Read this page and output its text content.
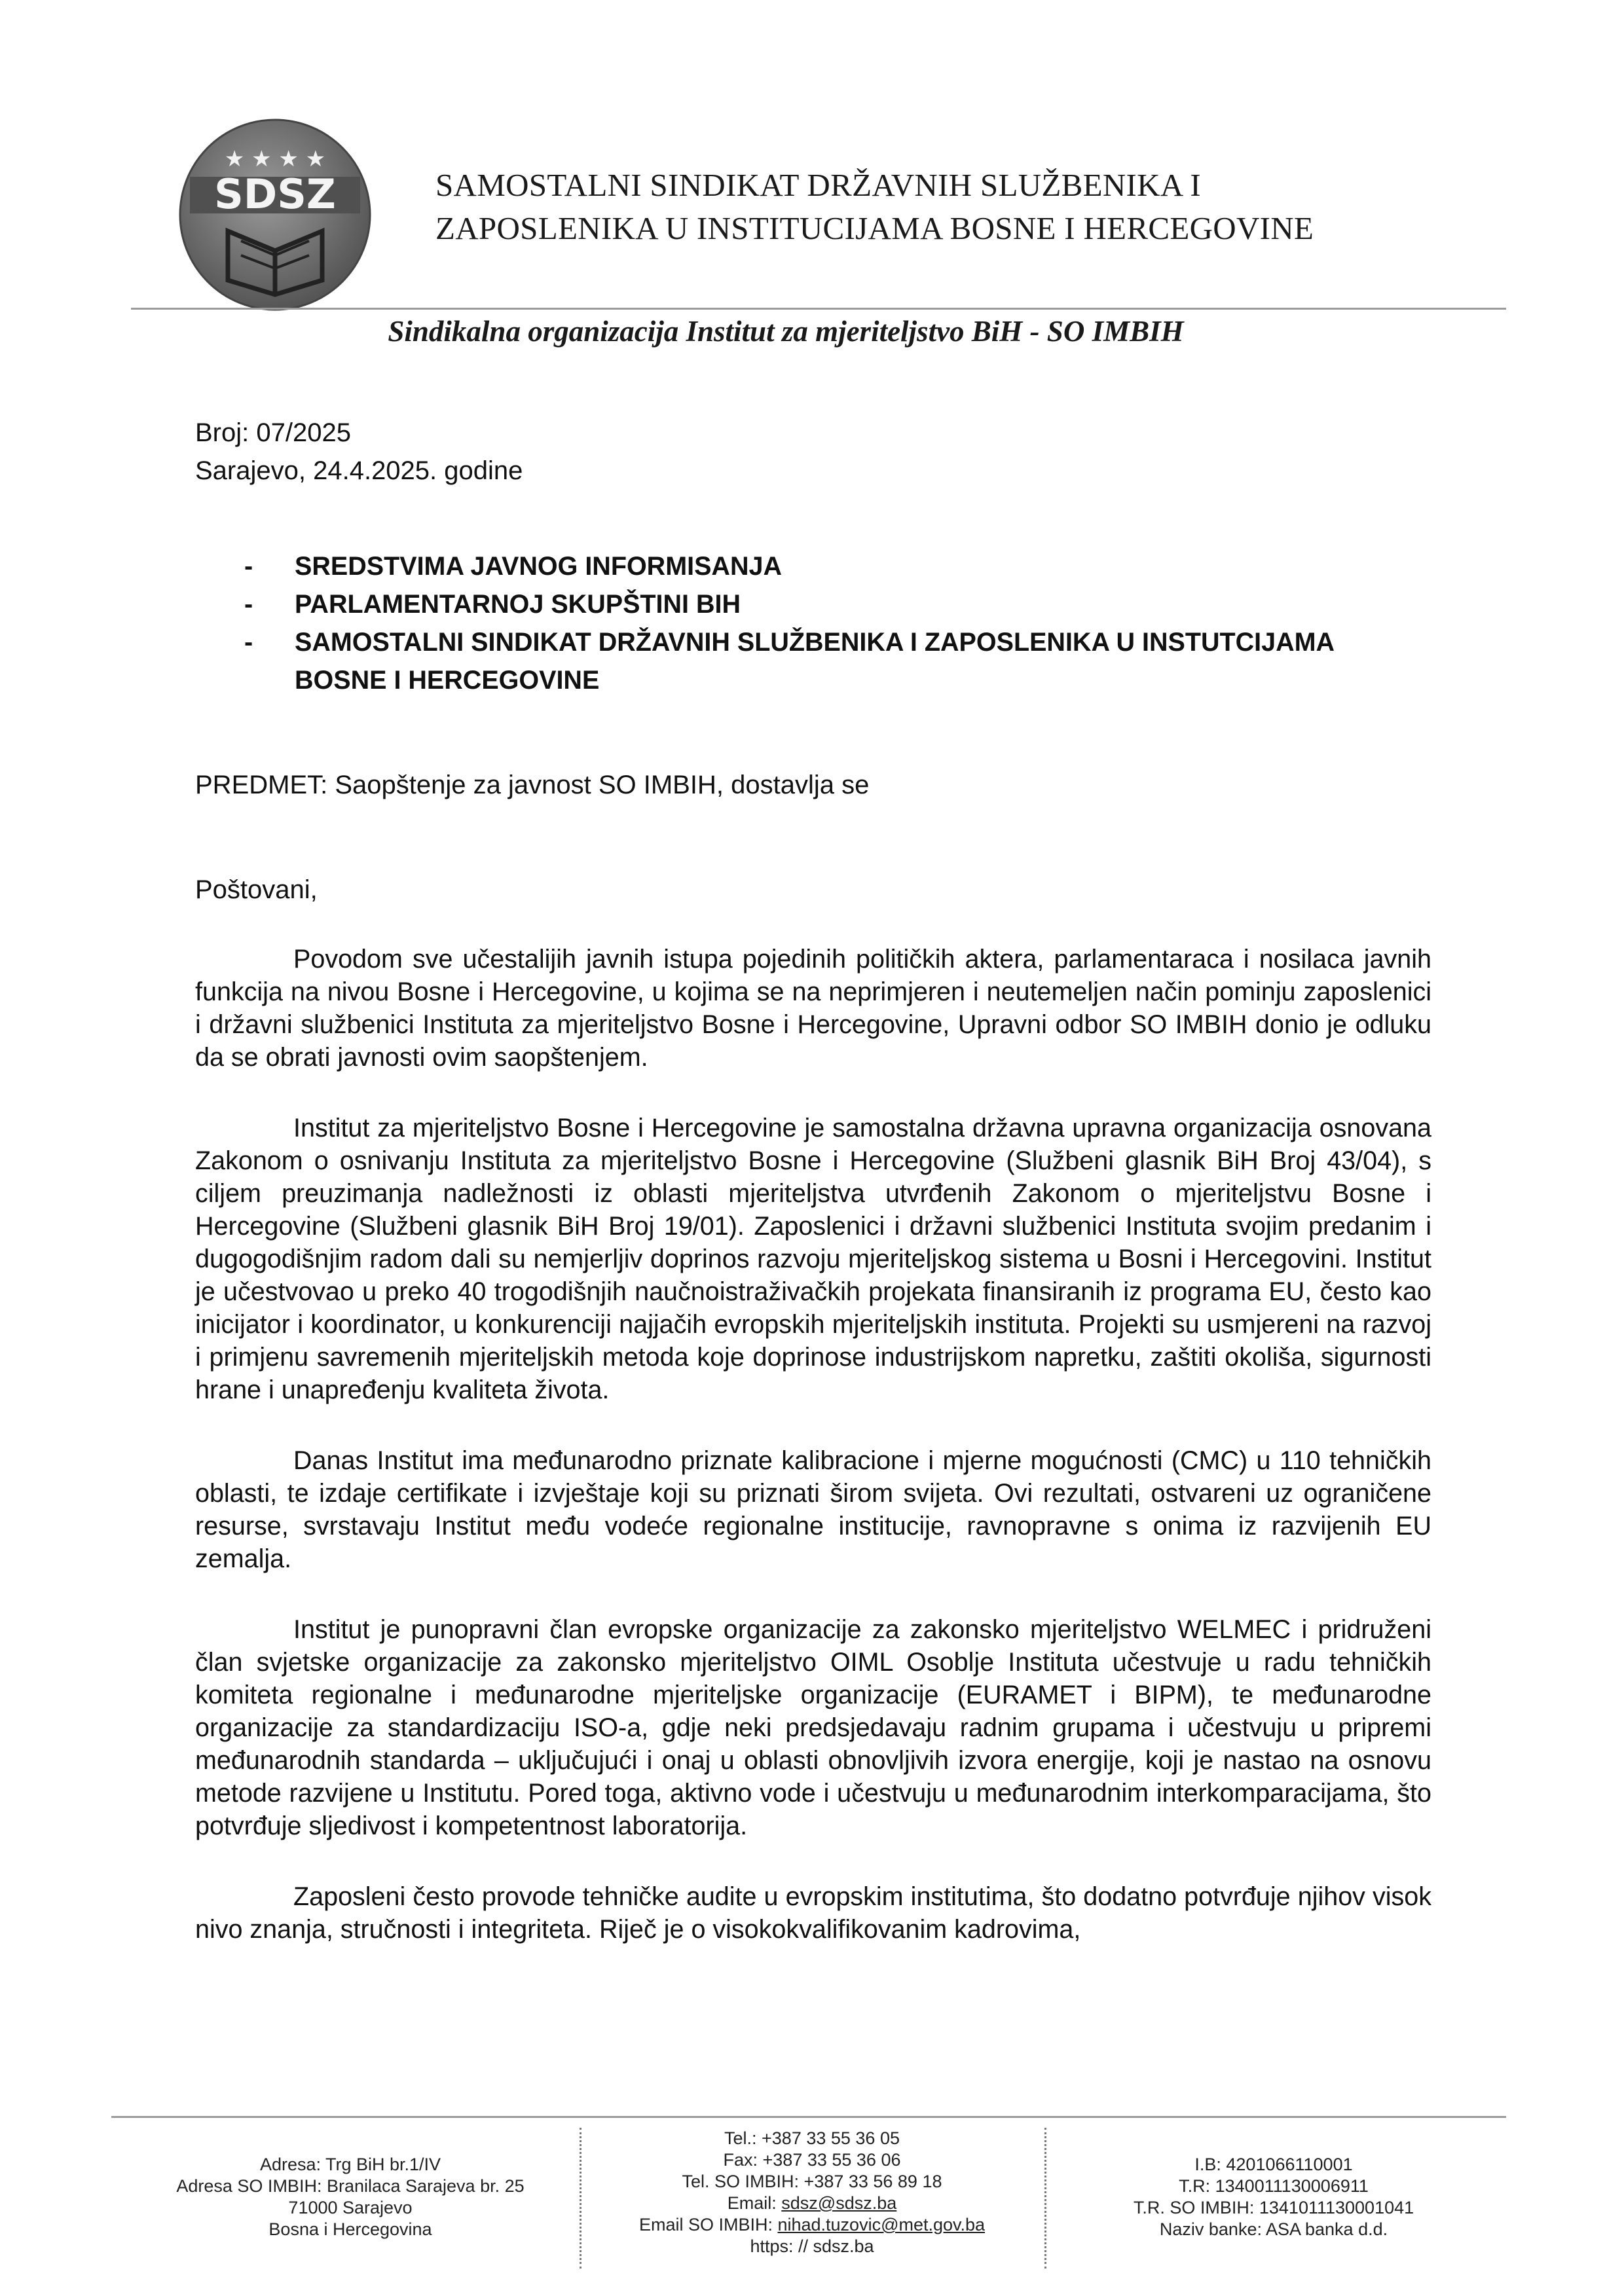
★ ★ ★ ★
SDSZ	SAMOSTALNI SINDIKAT DRŽAVNIH SLUŽBENIKA I
ZAPOSLENIKA U INSTITUCIJAMA BOSNE I HERCEGOVINE
Sindikalna organizacija Institut za mjeriteljstvo BiH - SO IMBIH
Broj: 07/2025
Sarajevo, 24.4.2025. godine
-	SREDSTVIMA JAVNOG INFORMISANJA
-	PARLAMENTARNOJ SKUPŠTINI BIH
-	SAMOSTALNI SINDIKAT DRŽAVNIH SLUŽBENIKA I ZAPOSLENIKA U INSTUTCIJAMA BOSNE I HERCEGOVINE
PREDMET: Saopštenje za javnost SO IMBIH, dostavlja se
Poštovani,

Povodom sve učestalijih javnih istupa pojedinih političkih aktera, parlamentaraca i nosilaca javnih funkcija na nivou Bosne i Hercegovine, u kojima se na neprimjeren i neutemeljen način pominju zaposlenici i državni službenici Instituta za mjeriteljstvo Bosne i Hercegovine, Upravni odbor SO IMBIH donio je odluku da se obrati javnosti ovim saopštenjem.

Institut za mjeriteljstvo Bosne i Hercegovine je samostalna državna upravna organizacija osnovana Zakonom o osnivanju Instituta za mjeriteljstvo Bosne i Hercegovine (Službeni glasnik BiH Broj 43/04), s ciljem preuzimanja nadležnosti iz oblasti mjeriteljstva utvrđenih Zakonom o mjeriteljstvu Bosne i Hercegovine (Službeni glasnik BiH Broj 19/01). Zaposlenici i državni službenici Instituta svojim predanim i dugogodišnjim radom dali su nemjerljiv doprinos razvoju mjeriteljskog sistema u Bosni i Hercegovini. Institut je učestvovao u preko 40 trogodišnjih naučnoistraživačkih projekata finansiranih iz programa EU, često kao inicijator i koordinator, u konkurenciji najjačih evropskih mjeriteljskih instituta. Projekti su usmjereni na razvoj i primjenu savremenih mjeriteljskih metoda koje doprinose industrijskom napretku, zaštiti okoliša, sigurnosti hrane i unapređenju kvaliteta života.

Danas Institut ima međunarodno priznate kalibracione i mjerne mogućnosti (CMC) u 110 tehničkih oblasti, te izdaje certifikate i izvještaje koji su priznati širom svijeta. Ovi rezultati, ostvareni uz ograničene resurse, svrstavaju Institut među vodeće regionalne institucije, ravnopravne s onima iz razvijenih EU zemalja.

Institut je punopravni član evropske organizacije za zakonsko mjeriteljstvo WELMEC i pridruženi član svjetske organizacije za zakonsko mjeriteljstvo OIML Osoblje Instituta učestvuje u radu tehničkih komiteta regionalne i međunarodne mjeriteljske organizacije (EURAMET i BIPM), te međunarodne organizacije za standardizaciju ISO-a, gdje neki predsjedavaju radnim grupama i učestvuju u pripremi međunarodnih standarda – uključujući i onaj u oblasti obnovljivih izvora energije, koji je nastao na osnovu metode razvijene u Institutu. Pored toga, aktivno vode i učestvuju u međunarodnim interkomparacijama, što potvrđuje sljedivost i kompetentnost laboratorija.

Zaposleni često provode tehničke audite u evropskim institutima, što dodatno potvrđuje njihov visok nivo znanja, stručnosti i integriteta. Riječ je o visokokvalifikovanim kadrovima,

Adresa: Trg BiH br.1/IV
Adresa SO IMBIH: Branilaca Sarajeva br. 25
71000 Sarajevo
Bosna i Hercegovina
Tel.: +387 33 55 36 05
Fax: +387 33 55 36 06
Tel. SO IMBIH: +387 33 56 89 18
Email: sdsz@sdsz.ba
Email SO IMBIH: nihad.tuzovic@met.gov.ba
https: // sdsz.ba
I.B: 4201066110001
T.R: 1340011130006911
T.R. SO IMBIH: 1341011130001041
Naziv banke: ASA banka d.d.
